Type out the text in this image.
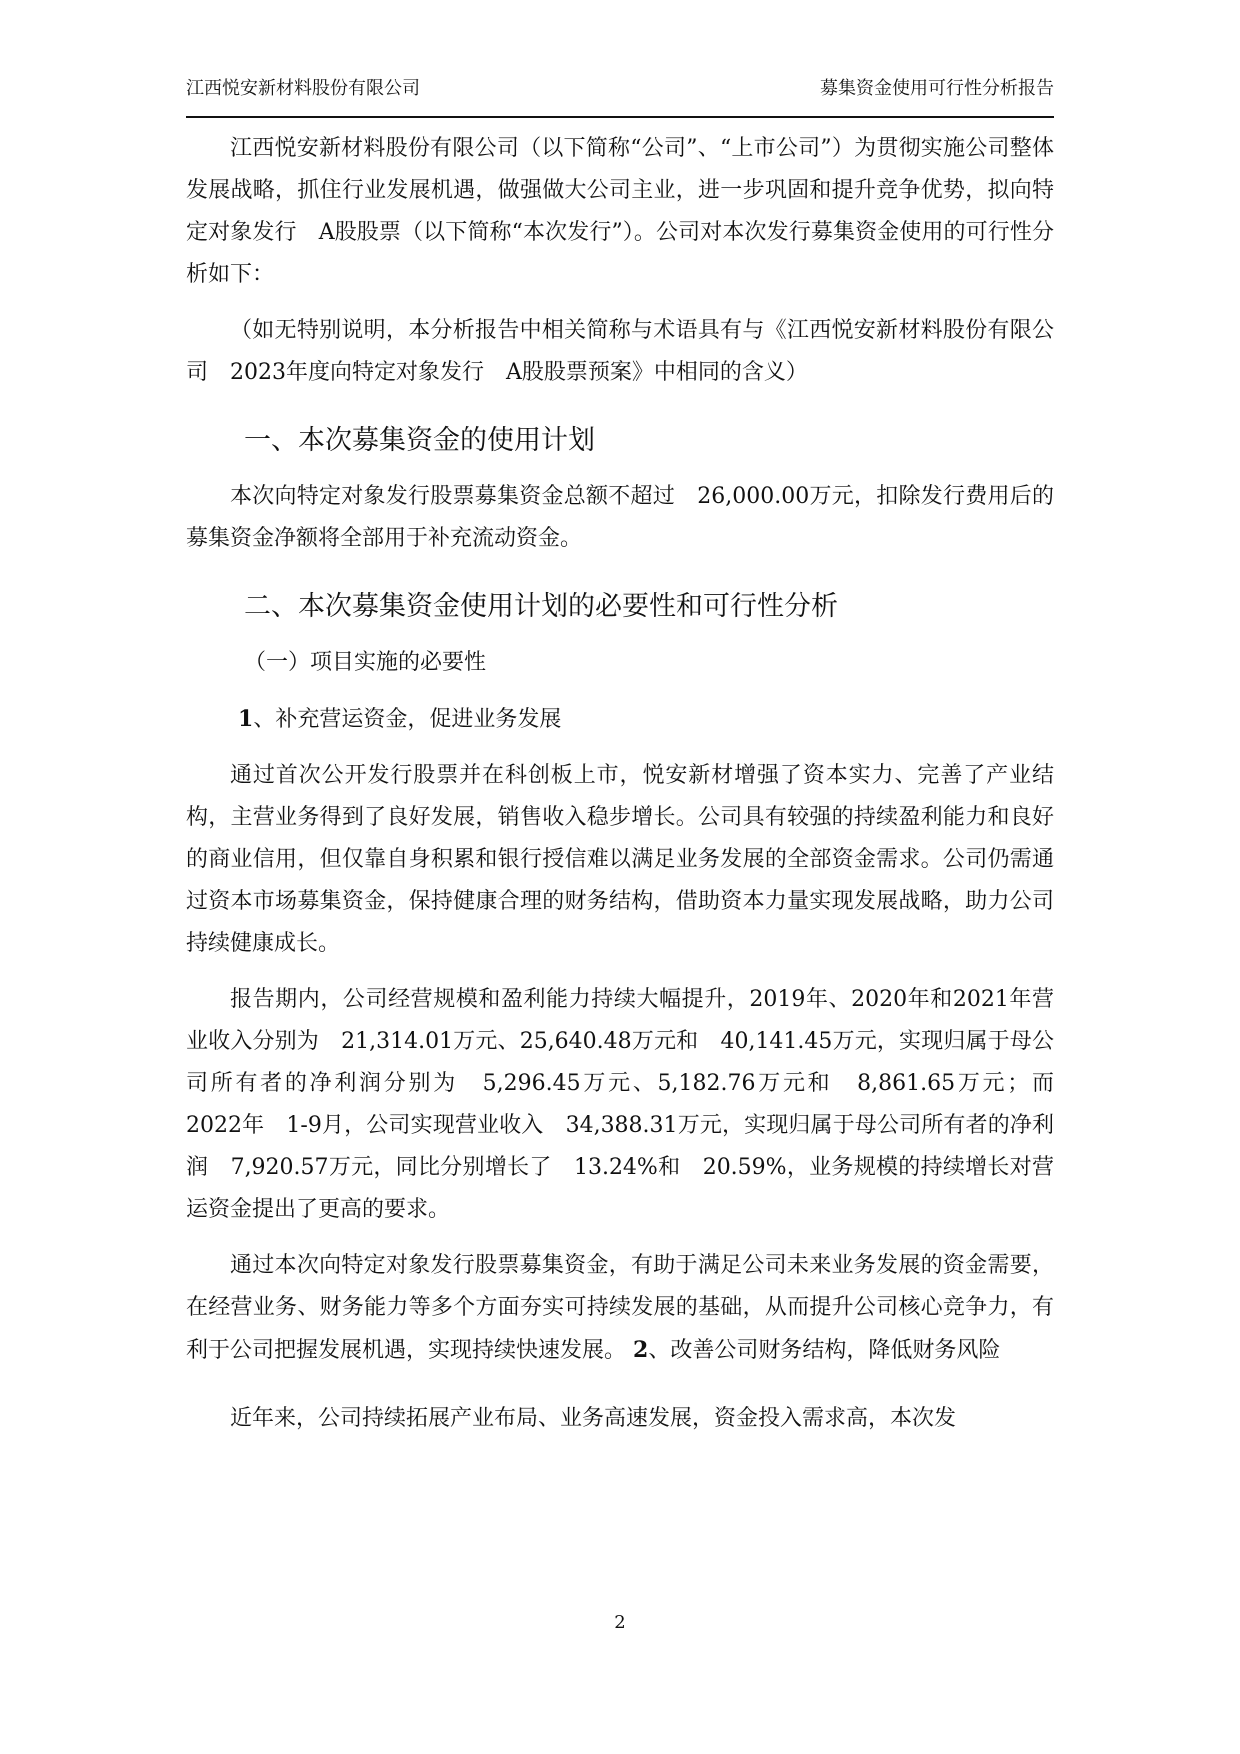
江西悦安新材料股份有限公司	募集资金使用可行性分析报告

江西悦安新材料股份有限公司（以下简称“公司”、“上市公司”）为贯彻实施公司整体发展战略，抓住行业发展机遇，做强做大公司主业，进一步巩固和提升竞争优势，拟向特定对象发行　A股股票（以下简称“本次发行”）。公司对本次发行募集资金使用的可行性分析如下：

（如无特别说明，本分析报告中相关简称与术语具有与《江西悦安新材料股份有限公司　2023年度向特定对象发行　A股股票预案》中相同的含义）

一、本次募集资金的使用计划

本次向特定对象发行股票募集资金总额不超过　26,000.00万元，扣除发行费用后的募集资金净额将全部用于补充流动资金。

二、本次募集资金使用计划的必要性和可行性分析

（一）项目实施的必要性

1、补充营运资金，促进业务发展

通过首次公开发行股票并在科创板上市，悦安新材增强了资本实力、完善了产业结构，主营业务得到了良好发展，销售收入稳步增长。公司具有较强的持续盈利能力和良好的商业信用，但仅靠自身积累和银行授信难以满足业务发展的全部资金需求。公司仍需通过资本市场募集资金，保持健康合理的财务结构，借助资本力量实现发展战略，助力公司持续健康成长。

报告期内，公司经营规模和盈利能力持续大幅提升，2019年、2020年和2021年营业收入分别为　21,314.01万元、25,640.48万元和　40,141.45万元，实现归属于母公司所有者的净利润分别为　5,296.45万元、5,182.76万元和　8,861.65万元；而　2022年　1-9月，公司实现营业收入　34,388.31万元，实现归属于母公司所有者的净利润　7,920.57万元，同比分别增长了　13.24%和　20.59%，业务规模的持续增长对营运资金提出了更高的要求。

通过本次向特定对象发行股票募集资金，有助于满足公司未来业务发展的资金需要，在经营业务、财务能力等多个方面夯实可持续发展的基础，从而提升公司核心竞争力，有利于公司把握发展机遇，实现持续快速发展。 2、改善公司财务结构，降低财务风险

近年来，公司持续拓展产业布局、业务高速发展，资金投入需求高，本次发

2
